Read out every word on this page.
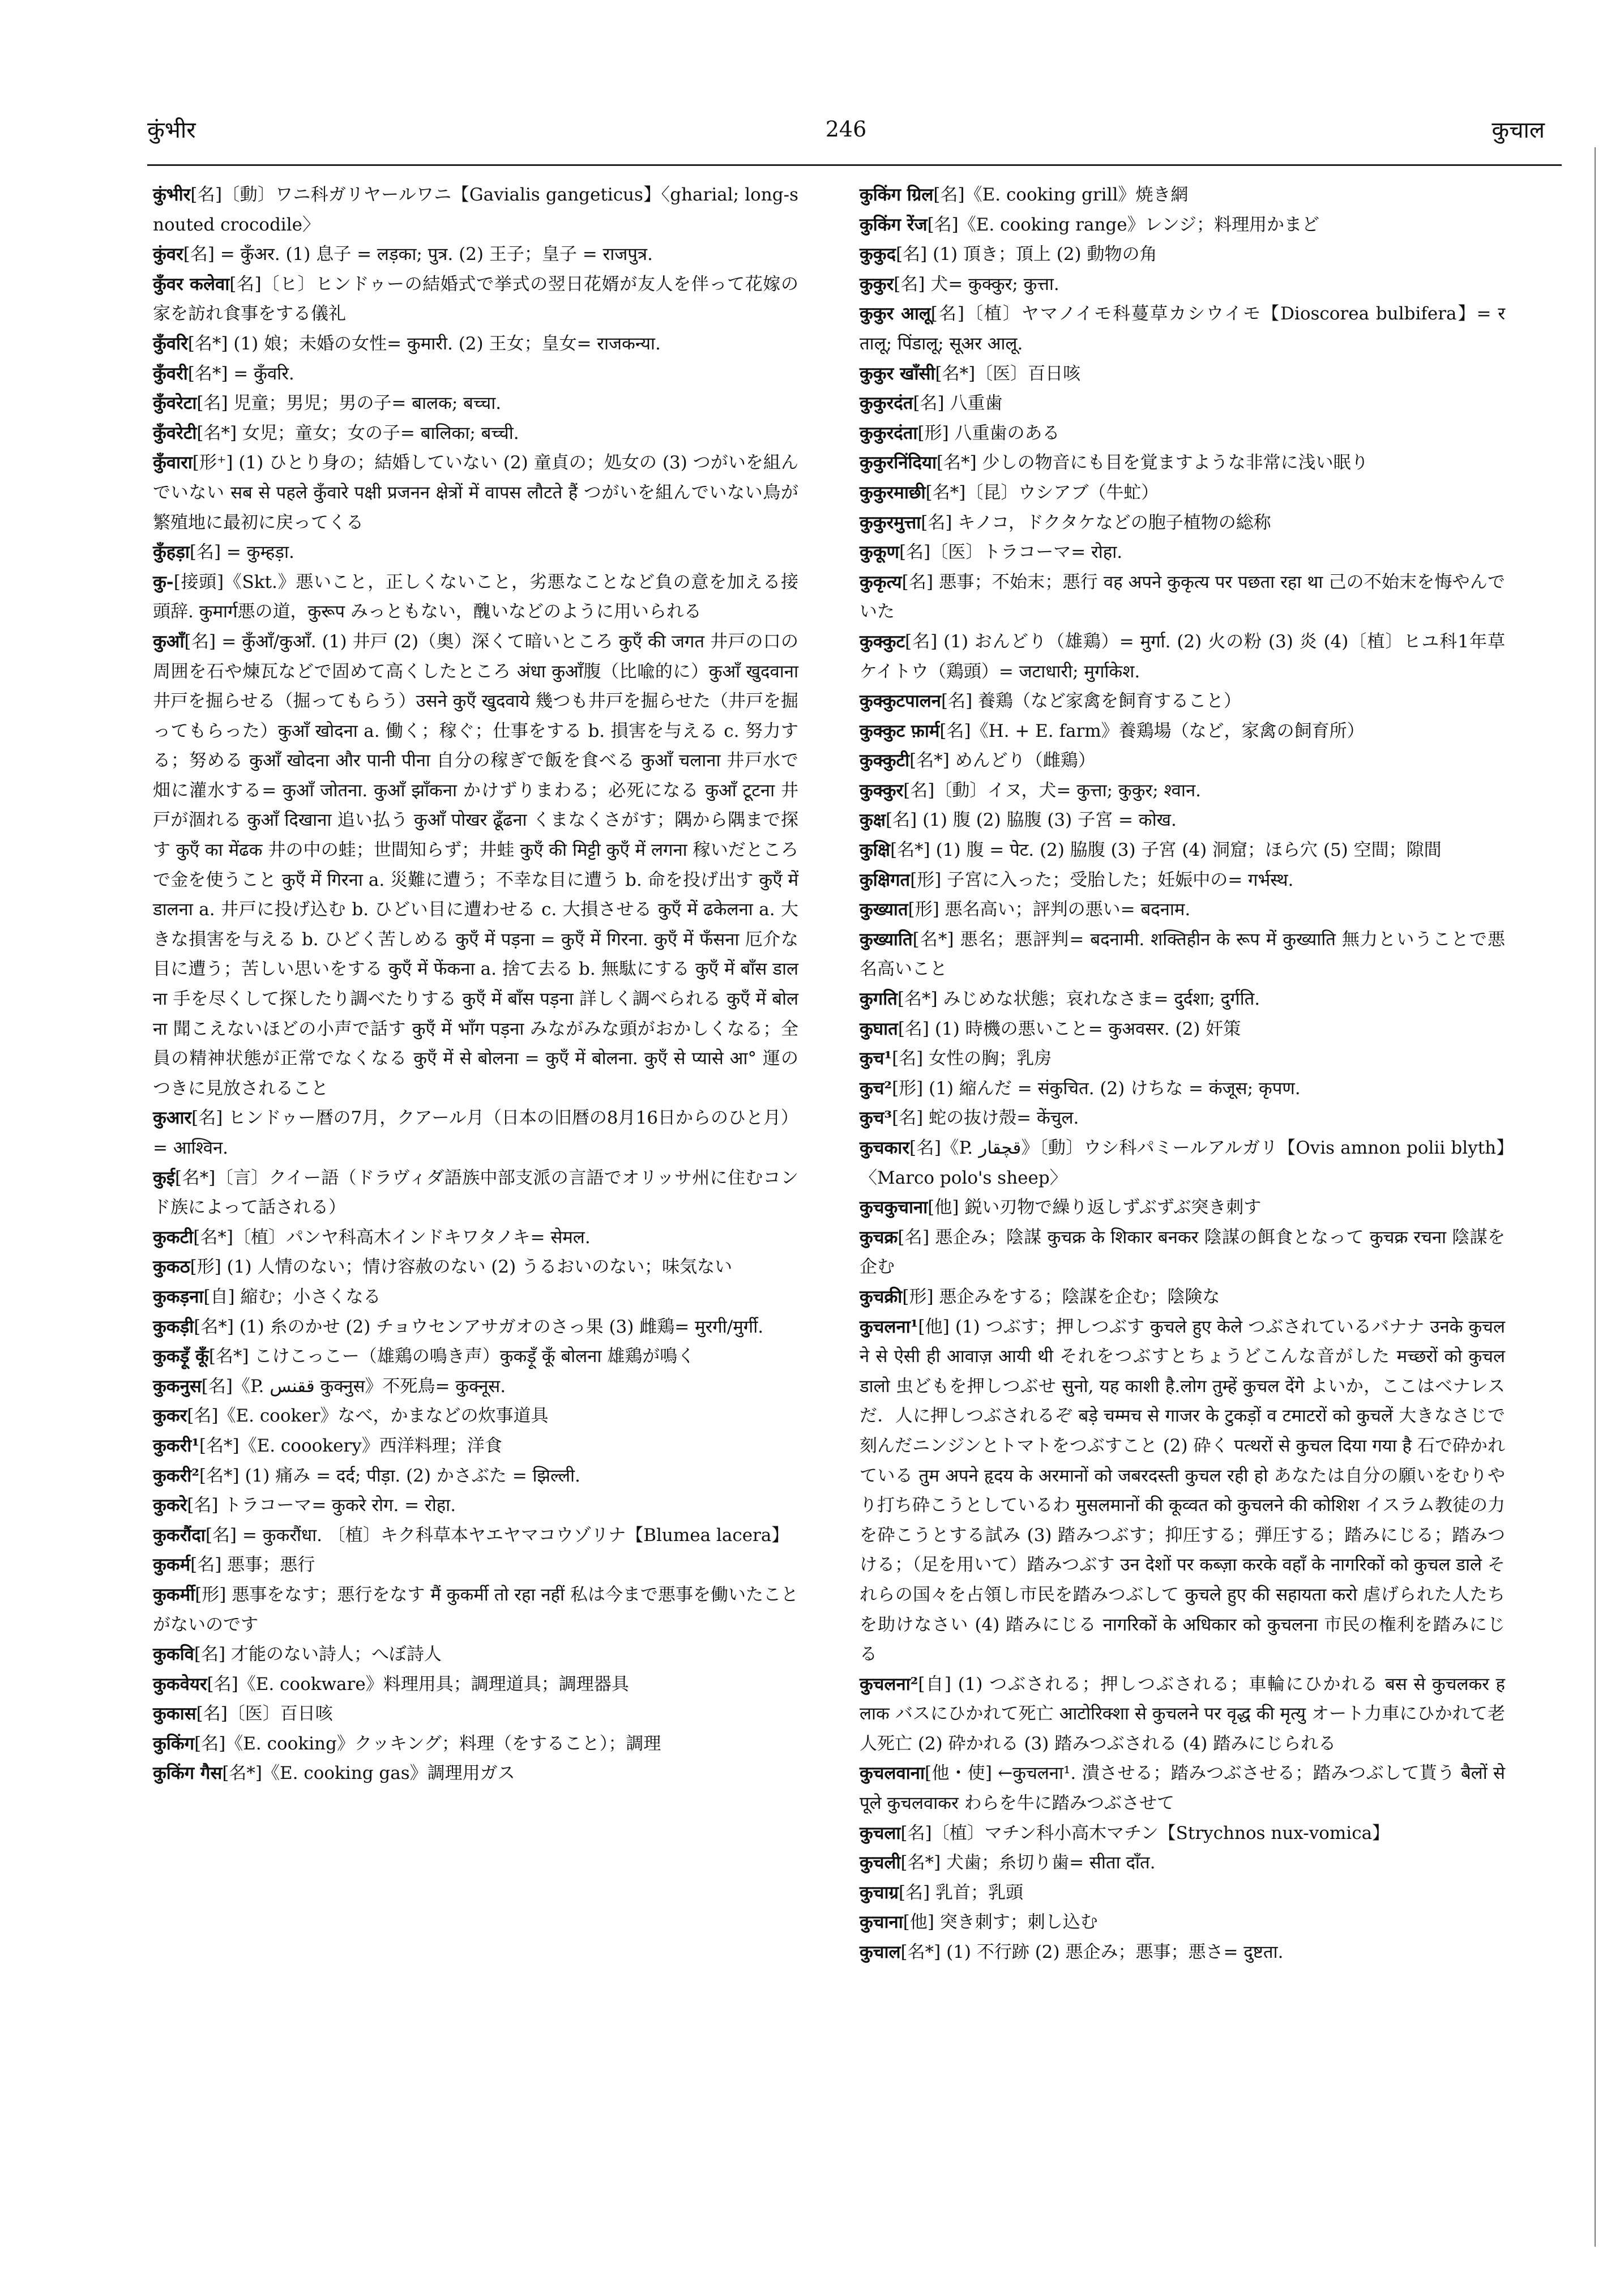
कुंभीर	246	कुचाल
कुंभीर[名]〔動〕ワニ科ガリヤールワニ【Gavialis gangeticus】〈gharial; long-snouted crocodile〉
कुंवर[名] = कुँअर. (1) 息子 = लड़का; पुत्र. (2) 王子；皇子 = राजपुत्र.
कुँवर कलेवा[名]〔ヒ〕ヒンドゥーの結婚式で挙式の翌日花婿が友人を伴って花嫁の家を訪れ食事をする儀礼
कुँवरि[名*] (1) 娘；未婚の女性= कुमारी. (2) 王女；皇女= राजकन्या.
कुँवरी[名*] = कुँवरि.
कुँवरेटा[名] 児童；男児；男の子= बालक; बच्चा.
कुँवरेटी[名*] 女児；童女；女の子= बालिका; बच्ची.
कुँवारा[形⁺] (1) ひとり身の；結婚していない (2) 童貞の；処女の (3) つがいを組んでいない सब से पहले कुँवारे पक्षी प्रजनन क्षेत्रों में वापस लौटते हैं つがいを組んでいない鳥が繁殖地に最初に戻ってくる
कुँहड़ा[名] = कुम्हड़ा.
कु-[接頭]《Skt.》悪いこと，正しくないこと，劣悪なことなど負の意を加える接頭辞. कुमार्ग悪の道，कुरूप みっともない，醜いなどのように用いられる
कुआँ[名] = कुँआँ/कुआँ. (1) 井戸 (2)（奥）深くて暗いところ कुएँ की जगत 井戸の口の周囲を石や煉瓦などで固めて高くしたところ अंधा कुआँ腹（比喩的に）कुआँ खुदवाना 井戸を掘らせる（掘ってもらう）उसने कुएँ खुदवाये 幾つも井戸を掘らせた（井戸を掘ってもらった）कुआँ खोदना a. 働く；稼ぐ；仕事をする b. 損害を与える c. 努力する；努める कुआँ खोदना और पानी पीना 自分の稼ぎで飯を食べる कुआँ चलाना 井戸水で畑に灌水する= कुआँ जोतना. कुआँ झाँकना かけずりまわる；必死になる कुआँ टूटना 井戸が涸れる कुआँ दिखाना 追い払う कुआँ पोखर ढूँढना くまなくさがす；隅から隅まで探す कुएँ का मेंढक 井の中の蛙；世間知らず；井蛙 कुएँ की मिट्टी कुएँ में लगना 稼いだところで金を使うこと कुएँ में गिरना a. 災難に遭う；不幸な目に遭う b. 命を投げ出す कुएँ में डालना a. 井戸に投げ込む b. ひどい目に遭わせる c. 大損させる कुएँ में ढकेलना a. 大きな損害を与える b. ひどく苦しめる कुएँ में पड़ना = कुएँ में गिरना. कुएँ में फँसना 厄介な目に遭う；苦しい思いをする कुएँ में फेंकना a. 捨て去る b. 無駄にする कुएँ में बाँस डालना 手を尽くして探したり調べたりする कुएँ में बाँस पड़ना 詳しく調べられる कुएँ में बोलना 聞こえないほどの小声で話す कुएँ में भाँग पड़ना みながみな頭がおかしくなる；全員の精神状態が正常でなくなる कुएँ में से बोलना = कुएँ में बोलना. कुएँ से प्यासे आ° 運のつきに見放されること
कुआर[名] ヒンドゥー暦の7月，クアール月（日本の旧暦の8月16日からのひと月）= आश्विन.
कुई[名*]〔言〕クイー語（ドラヴィダ語族中部支派の言語でオリッサ州に住むコンド族によって話される）
कुकटी[名*]〔植〕パンヤ科高木インドキワタノキ= सेमल.
कुकठ[形] (1) 人情のない；情け容赦のない (2) うるおいのない；味気ない
कुकड़ना[自] 縮む；小さくなる
कुकड़ी[名*] (1) 糸のかせ (2) チョウセンアサガオのさっ果 (3) 雌鶏= मुरगी/मुर्गी.
कुकड़ूँ कूँ[名*] こけこっこー（雄鶏の鳴き声）कुकड़ूँ कूँ बोलना 雄鶏が鳴く
कुकनुस[名]《P. ققنس कुक्नुस》不死鳥= कुक्नूस.
कुकर[名]《E. cooker》なべ，かまなどの炊事道具
कुकरी¹[名*]《E. coookery》西洋料理；洋食
कुकरी²[名*] (1) 痛み = दर्द; पीड़ा. (2) かさぶた = झिल्ली.
कुकरे[名] トラコーマ= कुकरे रोग. = रोहा.
कुकरौंदा[名] = कुकरौंधा. 〔植〕キク科草本ヤエヤマコウゾリナ【Blumea lacera】
कुकर्म[名] 悪事；悪行
कुकर्मी[形] 悪事をなす；悪行をなす मैं कुकर्मी तो रहा नहीं 私は今まで悪事を働いたことがないのです
कुकवि[名] 才能のない詩人；へぼ詩人
कुकवेयर[名]《E. cookware》料理用具；調理道具；調理器具
कुकास[名]〔医〕百日咳
कुकिंग[名]《E. cooking》クッキング；料理（をすること）；調理
कुकिंग गैस[名*]《E. cooking gas》調理用ガス
कुकिंग ग्रिल[名]《E. cooking grill》焼き網
कुकिंग रेंज[名]《E. cooking range》レンジ；料理用かまど
कुकुद[名] (1) 頂き；頂上 (2) 動物の角
कुकुर[名] 犬= कुक्कुर; कुत्ता.
कुकुर आलू[名]〔植〕ヤマノイモ科蔓草カシウイモ【Dioscorea bulbifera】= रतालू; पिंडालू; सूअर आलू.
कुकुर खाँसी[名*]〔医〕百日咳
कुकुरदंत[名] 八重歯
कुकुरदंता[形] 八重歯のある
कुकुरनिंदिया[名*] 少しの物音にも目を覚ますような非常に浅い眠り
कुकुरमाछी[名*]〔昆〕ウシアブ（牛虻）
कुकुरमुत्ता[名] キノコ，ドクタケなどの胞子植物の総称
कुकूण[名]〔医〕トラコーマ= रोहा.
कुकृत्य[名] 悪事；不始末；悪行 वह अपने कुकृत्य पर पछता रहा था 己の不始末を悔やんでいた
कुक्कुट[名] (1) おんどり（雄鶏）= मुर्गा. (2) 火の粉 (3) 炎 (4)〔植〕ヒユ科1年草ケイトウ（鶏頭）= जटाधारी; मुर्गाकेश.
कुक्कुटपालन[名] 養鶏（など家禽を飼育すること）
कुक्कुट फ़ार्म[名]《H. + E. farm》養鶏場（など，家禽の飼育所）
कुक्कुटी[名*] めんどり（雌鶏）
कुक्कुर[名]〔動〕イヌ，犬= कुत्ता; कुकुर; श्वान.
कुक्ष[名] (1) 腹 (2) 脇腹 (3) 子宮 = कोख.
कुक्षि[名*] (1) 腹 = पेट. (2) 脇腹 (3) 子宮 (4) 洞窟；ほら穴 (5) 空間；隙間
कुक्षिगत[形] 子宮に入った；受胎した；妊娠中の= गर्भस्थ.
कुख्यात[形] 悪名高い；評判の悪い= बदनाम.
कुख्याति[名*] 悪名；悪評判= बदनामी. शक्तिहीन के रूप में कुख्याति 無力ということで悪名高いこと
कुगति[名*] みじめな状態；哀れなさま= दुर्दशा; दुर्गति.
कुघात[名] (1) 時機の悪いこと= कुअवसर. (2) 奸策
कुच¹[名] 女性の胸；乳房
कुच²[形] (1) 縮んだ = संकुचित. (2) けちな = कंजूस; कृपण.
कुच³[名] 蛇の抜け殻= केंचुल.
कुचकार[名]《P. قچقار》〔動〕ウシ科パミールアルガリ【Ovis amnon polii blyth】〈Marco polo's sheep〉
कुचकुचाना[他] 鋭い刃物で繰り返しずぶずぶ突き刺す
कुचक्र[名] 悪企み；陰謀 कुचक्र के शिकार बनकर 陰謀の餌食となって कुचक्र रचना 陰謀を企む
कुचक्री[形] 悪企みをする；陰謀を企む；陰険な
कुचलना¹[他] (1) つぶす；押しつぶす कुचले हुए केले つぶされているバナナ उनके कुचलने से ऐसी ही आवाज़ आयी थी それをつぶすとちょうどこんな音がした मच्छरों को कुचल डालो 虫どもを押しつぶせ सुनो, यह काशी है.लोग तुम्हें कुचल देंगे よいか，ここはベナレスだ．人に押しつぶされるぞ बड़े चम्मच से गाजर के टुकड़ों व टमाटरों को कुचलें 大きなさじで刻んだニンジンとトマトをつぶすこと (2) 砕く पत्थरों से कुचल दिया गया है 石で砕かれている तुम अपने हृदय के अरमानों को जबरदस्ती कुचल रही हो あなたは自分の願いをむりやり打ち砕こうとしているわ मुसलमानों की कूव्वत को कुचलने की कोशिश イスラム教徒の力を砕こうとする試み (3) 踏みつぶす；抑圧する；弾圧する；踏みにじる；踏みつける；（足を用いて）踏みつぶす उन देशों पर कब्ज़ा करके वहाँ के नागरिकों को कुचल डाले それらの国々を占領し市民を踏みつぶして कुचले हुए की सहायता करो 虐げられた人たちを助けなさい (4) 踏みにじる नागरिकों के अधिकार को कुचलना 市民の権利を踏みにじる
कुचलना²[自] (1) つぶされる；押しつぶされる；車輪にひかれる बस से कुचलकर हलाक バスにひかれて死亡 आटोरिक्शा से कुचलने पर वृद्ध की मृत्यु オート力車にひかれて老人死亡 (2) 砕かれる (3) 踏みつぶされる (4) 踏みにじられる
कुचलवाना[他・使] ←कुचलना¹. 潰させる；踏みつぶさせる；踏みつぶして貰う बैलों से पूले कुचलवाकर わらを牛に踏みつぶさせて
कुचला[名]〔植〕マチン科小高木マチン【Strychnos nux-vomica】
कुचली[名*] 犬歯；糸切り歯= सीता दाँत.
कुचाग्र[名] 乳首；乳頭
कुचाना[他] 突き刺す；刺し込む
कुचाल[名*] (1) 不行跡 (2) 悪企み；悪事；悪さ= दुष्टता.
